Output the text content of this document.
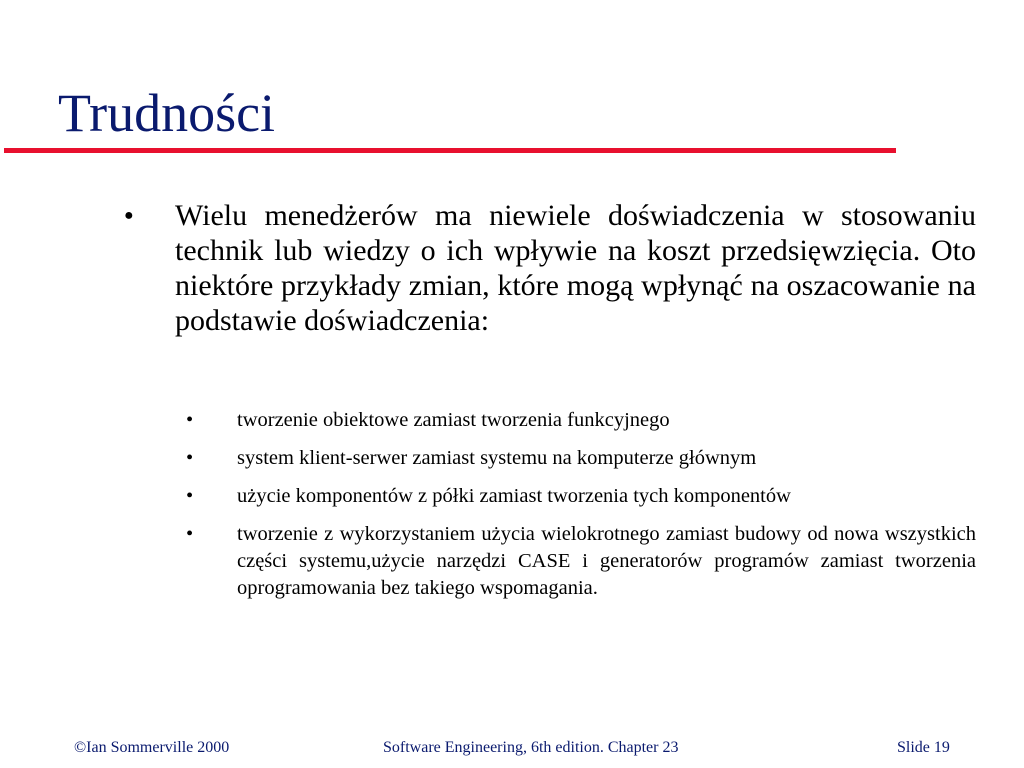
Trudności
● Wielu menedżerów ma niewiele doświadczenia w stosowaniu technik lub wiedzy o ich wpływie na koszt przedsięwzięcia. Oto niektóre przykłady zmian, które mogą wpłynąć na oszacowanie na podstawie doświadczenia:

• tworzenie obiektowe zamiast tworzenia funkcyjnego
• system klient-serwer zamiast systemu na komputerze głównym
• użycie komponentów z półki zamiast tworzenia tych komponentów
• tworzenie z wykorzystaniem użycia wielokrotnego zamiast budowy od nowa wszystkich części systemu,użycie narzędzi CASE i generatorów programów zamiast tworzenia oprogramowania bez takiego wspomagania.
©Ian Sommerville 2000	Software Engineering, 6th edition. Chapter 23	Slide 19
